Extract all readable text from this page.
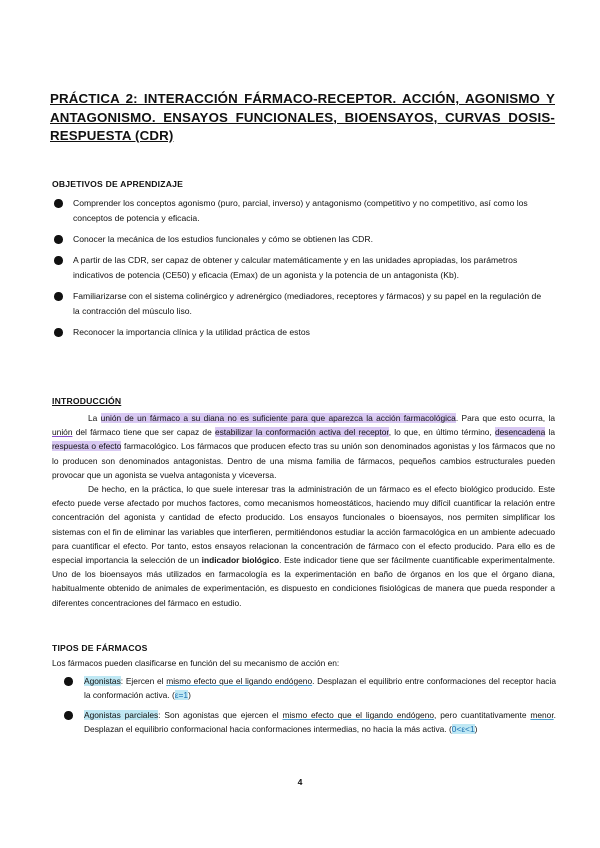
PRÁCTICA 2: INTERACCIÓN FÁRMACO-RECEPTOR. ACCIÓN, AGONISMO Y ANTAGONISMO. ENSAYOS FUNCIONALES, BIOENSAYOS, CURVAS DOSIS-RESPUESTA (CDR)
OBJETIVOS DE APRENDIZAJE
Comprender los conceptos agonismo (puro, parcial, inverso) y antagonismo (competitivo y no competitivo, así como los conceptos de potencia y eficacia.
Conocer la mecánica de los estudios funcionales y cómo se obtienen las CDR.
A partir de las CDR, ser capaz de obtener y calcular matemáticamente y en las unidades apropiadas, los parámetros indicativos de potencia (CE50) y eficacia (Emax) de un agonista y la potencia de un antagonista (Kb).
Familiarizarse con el sistema colinérgico y adrenérgico (mediadores, receptores y fármacos) y su papel en la regulación de la contracción del músculo liso.
Reconocer la importancia clínica y la utilidad práctica de estos
INTRODUCCIÓN

La unión de un fármaco a su diana no es suficiente para que aparezca la acción farmacológica. Para que esto ocurra, la unión del fármaco tiene que ser capaz de estabilizar la conformación activa del receptor, lo que, en último término, desencadena la respuesta o efecto farmacológico. Los fármacos que producen efecto tras su unión son denominados agonistas y los fármacos que no lo producen son denominados antagonistas. Dentro de una misma familia de fármacos, pequeños cambios estructurales pueden provocar que un agonista se vuelva antagonista y viceversa.

De hecho, en la práctica, lo que suele interesar tras la administración de un fármaco es el efecto biológico producido. Este efecto puede verse afectado por muchos factores, como mecanismos homeostáticos, haciendo muy difícil cuantificar la relación entre concentración del agonista y cantidad de efecto producido. Los ensayos funcionales o bioensayos, nos permiten simplificar los sistemas con el fin de eliminar las variables que interfieren, permitiéndonos estudiar la acción farmacológica en un ambiente adecuado para cuantificar el efecto. Por tanto, estos ensayos relacionan la concentración de fármaco con el efecto producido. Para ello es de especial importancia la selección de un indicador biológico. Este indicador tiene que ser fácilmente cuantificable experimentalmente. Uno de los bioensayos más utilizados en farmacología es la experimentación en baño de órganos en los que el órgano diana, habitualmente obtenido de animales de experimentación, es dispuesto en condiciones fisiológicas de manera que pueda responder a diferentes concentraciones del fármaco en estudio.

TIPOS DE FÁRMACOS
Los fármacos pueden clasificarse en función del su mecanismo de acción en:
Agonistas: Ejercen el mismo efecto que el ligando endógeno. Desplazan el equilibrio entre conformaciones del receptor hacia la conformación activa. (ε=1)
Agonistas parciales: Son agonistas que ejercen el mismo efecto que el ligando endógeno, pero cuantitativamente menor. Desplazan el equilibrio conformacional hacia conformaciones intermedias, no hacia la más activa. (0<ε<1)
4
